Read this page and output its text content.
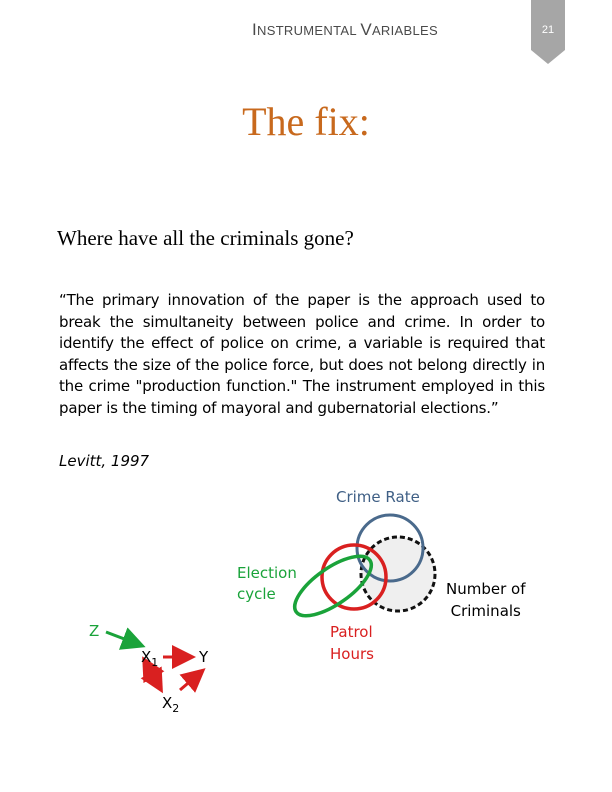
INSTRUMENTAL VARIABLES	21
The fix:
Where have all the criminals gone?
“The primary innovation of the paper is the approach used to break the simultaneity between police and crime. In order to identify the effect of police on crime, a variable is required that affects the size of the police force, but does not belong directly in the crime "production function." The instrument employed in this paper is the timing of mayoral and gubernatorial elections.”
Levitt, 1997
Crime Rate
Election
cycle	Number of
Criminals
Patrol
Hours
Z
$X_1$	Y
$X_2$
